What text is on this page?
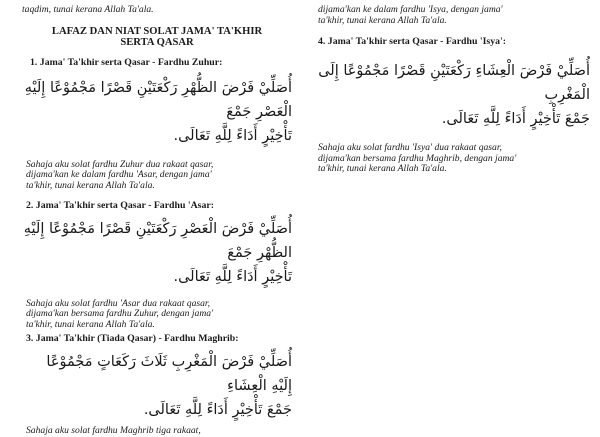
taqdim, tunai kerana Allah Ta'ala.

LAFAZ DAN NIAT SOLAT JAMA' TA'KHIR

SERTA QASAR

1. Jama' Ta'khir serta Qasar - Fardhu Zuhur:

أُصَلِّيْ فَرْضَ الظُّهْرِ رَكْعَتَيْنِ قَصْرًا مَجْمُوْعًا إِلَيْهِ الْعَصْرِ جَمْعَ

تَأْخِيْرٍ أَدَاءً لِلَّهِ تَعَالَى.

Sahaja aku solat fardhu Zuhur dua rakaat qasar,

dijama'kan ke dalam fardhu 'Asar, dengan jama'

ta'khir, tunai kerana Allah Ta'ala.

2. Jama' Ta'khir serta Qasar - Fardhu 'Asar:

أُصَلِّيْ فَرْضَ الْعَصْرِ رَكْعَتَيْنِ قَصْرًا مَجْمُوْعًا إِلَيْهِ الظُّهْرِ جَمْعَ

تَأْخِيْرٍ أَدَاءً لِلَّهِ تَعَالَى.

Sahaja aku solat fardhu 'Asar dua rakaat qasar,

dijama'kan bersama fardhu Zuhur, dengan jama'

ta'khir, tunai kerana Allah Ta'ala.

3. Jama' Ta'khir (Tiada Qasar) - Fardhu Maghrib:

أُصَلِّيْ فَرْضَ الْمَغْرِبِ ثَلَاثَ رَكَعَاتٍ مَجْمُوْعًا إِلَيْهِ الْعِشَاءِ

جَمْعَ تَأْخِيْرٍ أَدَاءً لِلَّهِ تَعَالَى.

Sahaja aku solat fardhu Maghrib tiga rakaat,

dijama'kan ke dalam fardhu 'Isya, dengan jama'

ta'khir, tunai kerana Allah Ta'ala.

4. Jama' Ta'khir serta Qasar - Fardhu 'Isya':

أُصَلِّيْ فَرْضَ الْعِشَاءِ رَكْعَتَيْنِ قَصْرًا مَجْمُوْعًا إِلَى الْمَغْرِبِ

جَمْعَ تَأْخِيْرٍ أَدَاءً لِلَّهِ تَعَالَى.

Sahaja aku solat fardhu 'Isya' dua rakaat qasar,

dijama'kan bersama fardhu Maghrib, dengan jama'

ta'khir, tunai kerana Allah Ta'ala.
